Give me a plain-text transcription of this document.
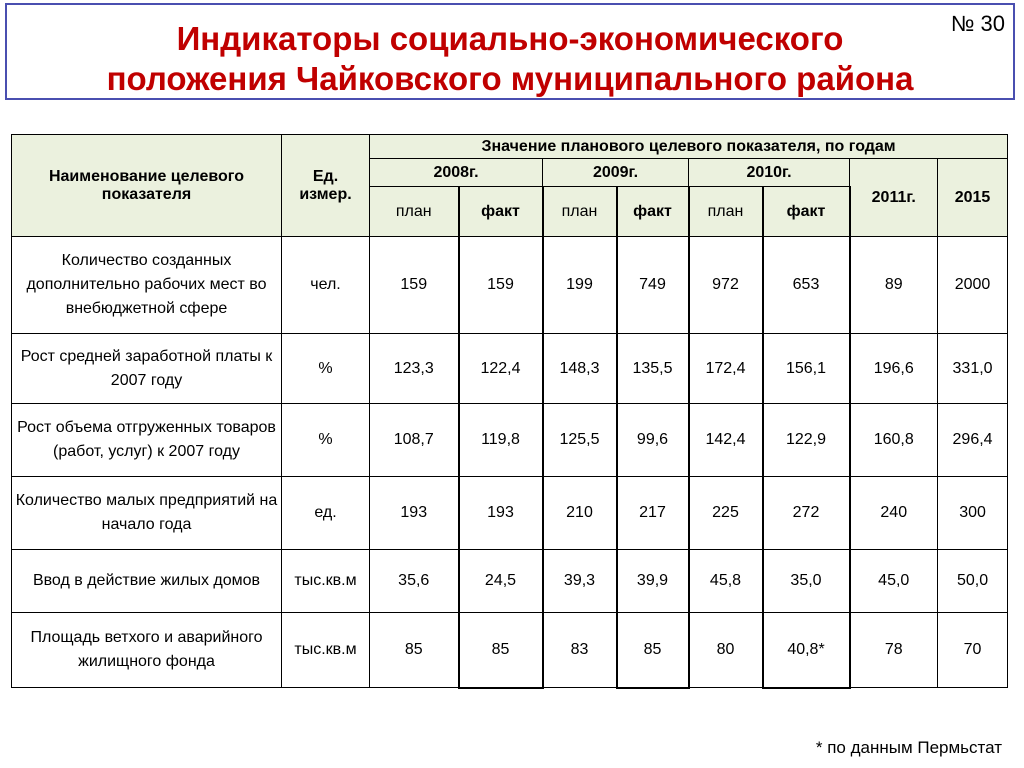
№ 30
Индикаторы социально-экономического
положения Чайковского муниципального района
Наименование целевого показателя	Ед. измер.	Значение планового целевого показателя, по годам							
		2008г.		2009г.		2010г.		2011г.	2015
		план	факт	план	факт	план	факт		
Количество созданных дополнительно рабочих мест во внебюджетной сфере	чел.	159	159	199	749	972	653	89	2000
Рост средней заработной платы к 2007 году	%	123,3	122,4	148,3	135,5	172,4	156,1	196,6	331,0
Рост объема отгруженных товаров (работ, услуг) к 2007 году	%	108,7	119,8	125,5	99,6	142,4	122,9	160,8	296,4
Количество малых предприятий на начало года	ед.	193	193	210	217	225	272	240	300
Ввод в действие жилых домов	тыс.кв.м	35,6	24,5	39,3	39,9	45,8	35,0	45,0	50,0
Площадь ветхого и аварийного жилищного фонда	тыс.кв.м	85	85	83	85	80	40,8*	78	70
* по данным Пермьстат
